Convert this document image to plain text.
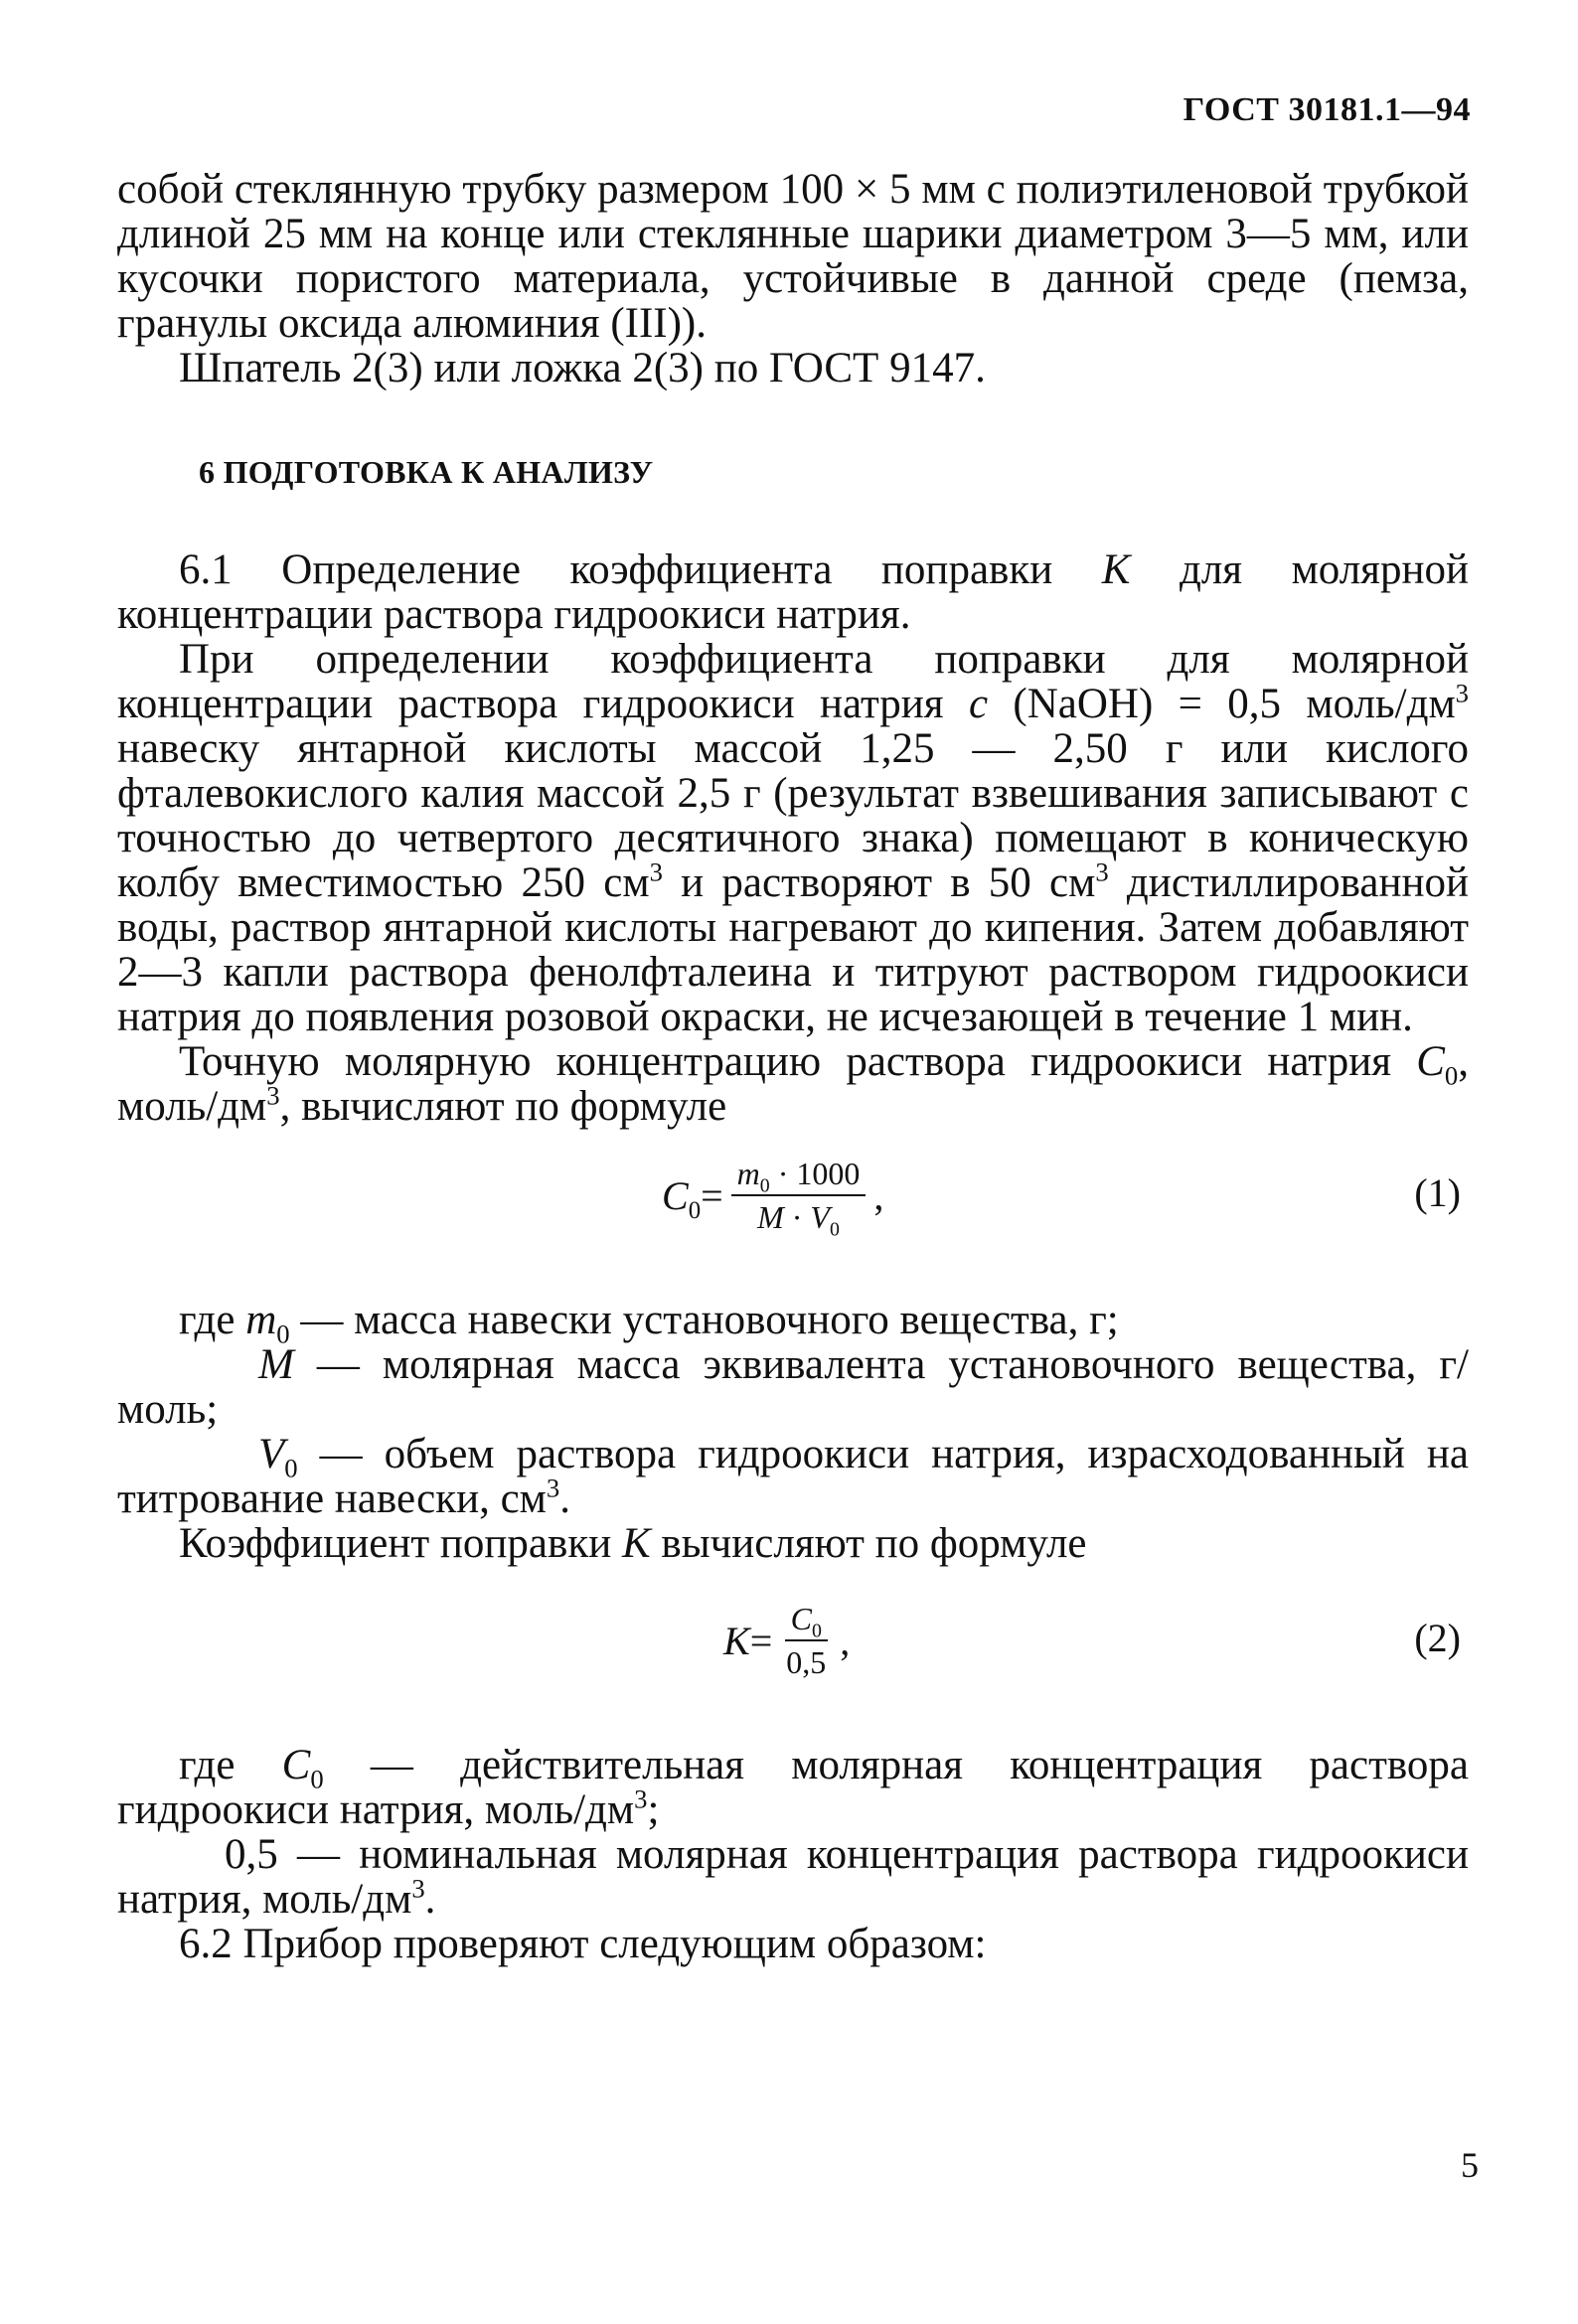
ГОСТ 30181.1—94

собой стеклянную трубку размером 100 × 5 мм с полиэтиленовой трубкой длиной 25 мм на конце или стеклянные шарики диаметром 3—5 мм, или кусочки пористого материала, устойчивые в данной среде (пемза, гранулы оксида алюминия (III)).

Шпатель 2(3) или ложка 2(3) по ГОСТ 9147.

6 ПОДГОТОВКА К АНАЛИЗУ

6.1 Определение коэффициента поправки K для молярной концентрации раствора гидроокиси натрия.

При определении коэффициента поправки для молярной концентрации раствора гидроокиси натрия c (NaOH) = 0,5 моль/$дм^3$ навеску янтарной кислоты массой 1,25 — 2,50 г или кислого фталевокислого калия массой 2,5 г (результат взвешивания записывают с точностью до четвертого десятичного знака) помещают в коническую колбу вместимостью 250 $см^3$ и растворяют в 50 $см^3$ дистиллированной воды, раствор янтарной кислоты нагревают до кипения. Затем добавляют 2—3 капли раствора фенолфталеина и титруют раствором гидроокиси натрия до появления розовой окраски, не исчезающей в течение 1 мин.

Точную молярную концентрацию раствора гидроокиси натрия $C_0$, моль/$дм^3$, вычисляют по формуле

$C_0 = \frac{m_0 \cdot 1000}{M \cdot V_0}$ ,	(1)

где $m_0$ — масса навески установочного вещества, г;

M — молярная масса эквивалента установочного вещества, г/моль;

$V_0$ — объем раствора гидроокиси натрия, израсходованный на титрование навески, $см^3$.

Коэффициент поправки K вычисляют по формуле

$K = \frac{C_0}{0,5}$ ,	(2)

где $C_0$ — действительная молярная концентрация раствора гидроокиси натрия, моль/$дм^3$;

0,5 — номинальная молярная концентрация раствора гидроокиси натрия, моль/$дм^3$.

6.2 Прибор проверяют следующим образом:

5
